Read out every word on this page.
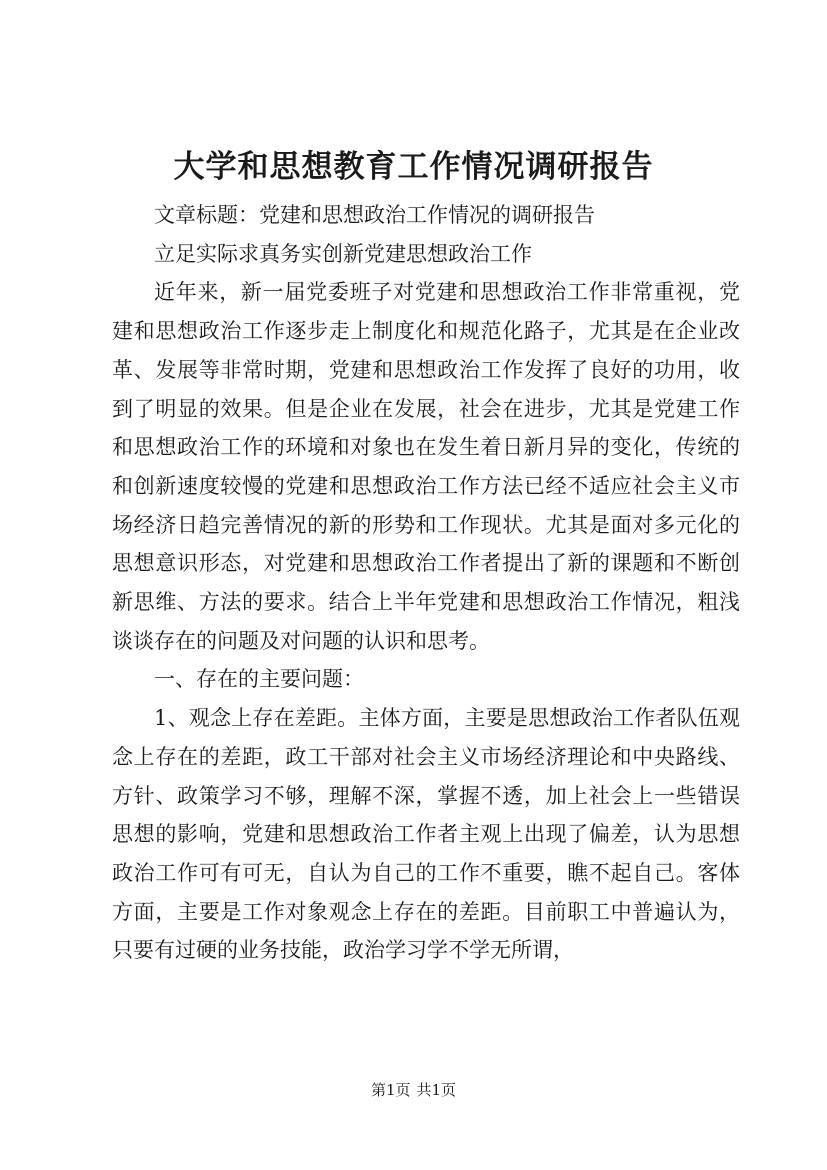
大学和思想教育工作情况调研报告

文章标题：党建和思想政治工作情况的调研报告

立足实际求真务实创新党建思想政治工作

近年来，新一届党委班子对党建和思想政治工作非常重视，党建和思想政治工作逐步走上制度化和规范化路子，尤其是在企业改革、发展等非常时期，党建和思想政治工作发挥了良好的功用，收到了明显的效果。但是企业在发展，社会在进步，尤其是党建工作和思想政治工作的环境和对象也在发生着日新月异的变化，传统的和创新速度较慢的党建和思想政治工作方法已经不适应社会主义市场经济日趋完善情况的新的形势和工作现状。尤其是面对多元化的思想意识形态，对党建和思想政治工作者提出了新的课题和不断创新思维、方法的要求。结合上半年党建和思想政治工作情况，粗浅谈谈存在的问题及对问题的认识和思考。

一、存在的主要问题：

1、观念上存在差距。主体方面，主要是思想政治工作者队伍观念上存在的差距，政工干部对社会主义市场经济理论和中央路线、方针、政策学习不够，理解不深，掌握不透，加上社会上一些错误思想的影响，党建和思想政治工作者主观上出现了偏差，认为思想政治工作可有可无，自认为自己的工作不重要，瞧不起自己。客体方面，主要是工作对象观念上存在的差距。目前职工中普遍认为，只要有过硬的业务技能，政治学习学不学无所谓，

第1页 共1页
